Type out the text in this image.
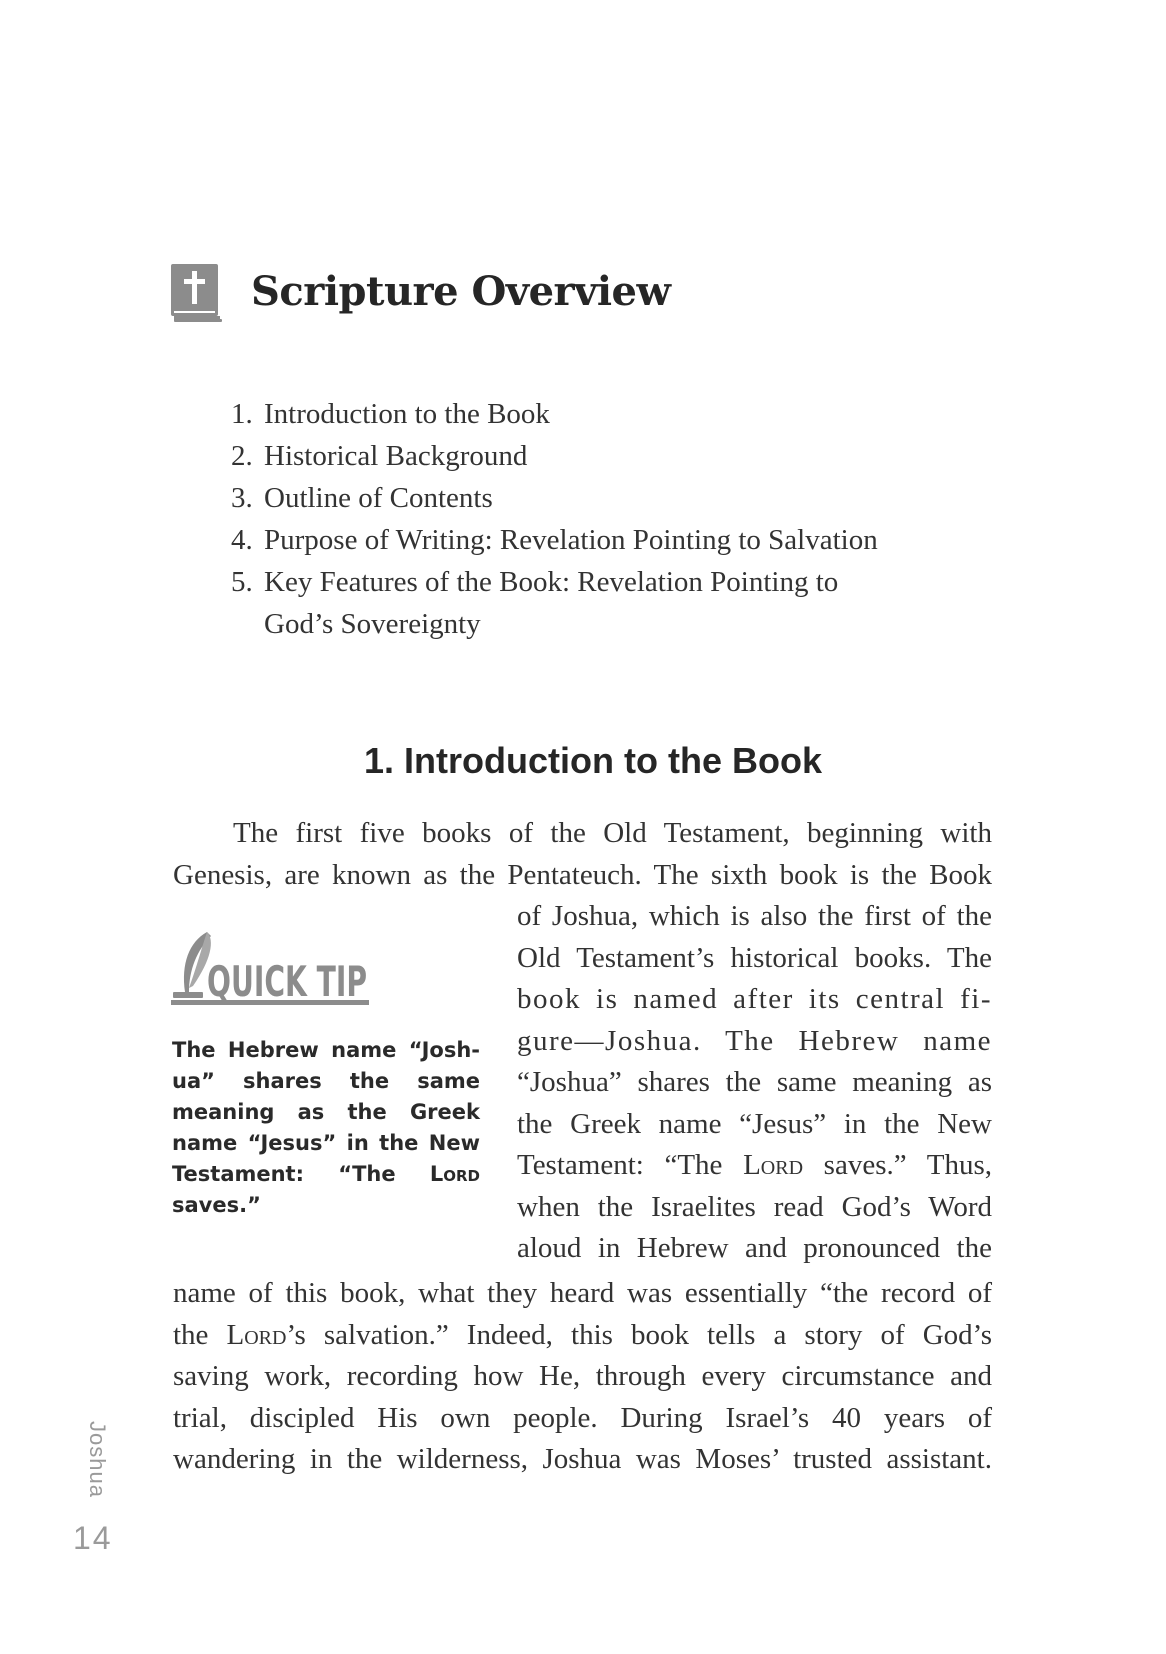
Scripture Overview
1. Introduction to the Book
2. Historical Background
3. Outline of Contents
4. Purpose of Writing: Revelation Pointing to Salvation
5. Key Features of the Book: Revelation Pointing to
God’s Sovereignty
1. Introduction to the Book

The first five books of the Old Testament, beginning with
Genesis, are known as the Pentateuch. The sixth book is the Book

QUICK TIP

The Hebrew name “Josh-
ua” shares the same
meaning as the Greek
name “Jesus” in the New
Testament: “The Lord
saves.”

of Joshua, which is also the first of the
Old Testament’s historical books. The
book is named after its central fi-
gure—Joshua. The Hebrew name
“Joshua” shares the same meaning as
the Greek name “Jesus” in the New
Testament: “The Lord saves.” Thus,
when the Israelites read God’s Word
aloud in Hebrew and pronounced the

name of this book, what they heard was essentially “the record of
the Lord’s salvation.” Indeed, this book tells a story of God’s
saving work, recording how He, through every circumstance and
trial, discipled His own people. During Israel’s 40 years of
wandering in the wilderness, Joshua was Moses’ trusted assistant.

Joshua

14
